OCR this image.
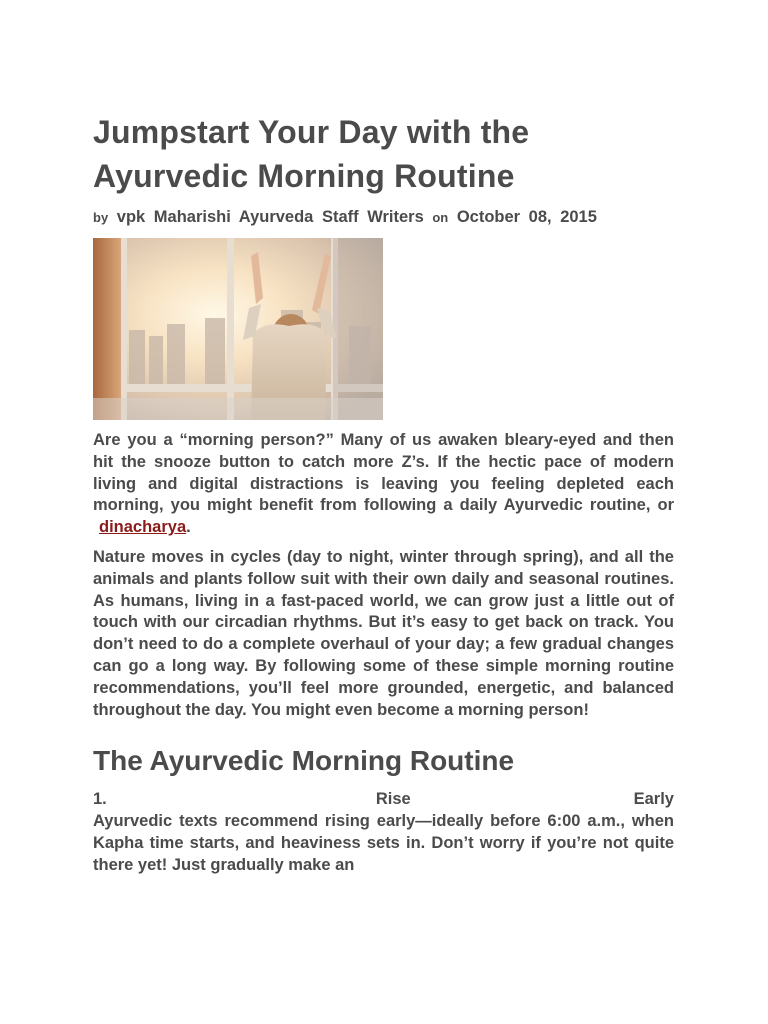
Jumpstart Your Day with the Ayurvedic Morning Routine
by vpk Maharishi Ayurveda Staff Writers on October 08, 2015

Are you a “morning person?” Many of us awaken bleary-eyed and then hit the snooze button to catch more Z’s. If the hectic pace of modern living and digital distractions is leaving you feeling depleted each morning, you might benefit from following a daily Ayurvedic routine, or dinacharya.

Nature moves in cycles (day to night, winter through spring), and all the animals and plants follow suit with their own daily and seasonal routines. As humans, living in a fast-paced world, we can grow just a little out of touch with our circadian rhythms. But it’s easy to get back on track. You don’t need to do a complete overhaul of your day; a few gradual changes can go a long way. By following some of these simple morning routine recommendations, you’ll feel more grounded, energetic, and balanced throughout the day. You might even become a morning person!

The Ayurvedic Morning Routine
1.	Rise	Early

Ayurvedic texts recommend rising early—ideally before 6:00 a.m., when Kapha time starts, and heaviness sets in. Don’t worry if you’re not quite there yet! Just gradually make an
